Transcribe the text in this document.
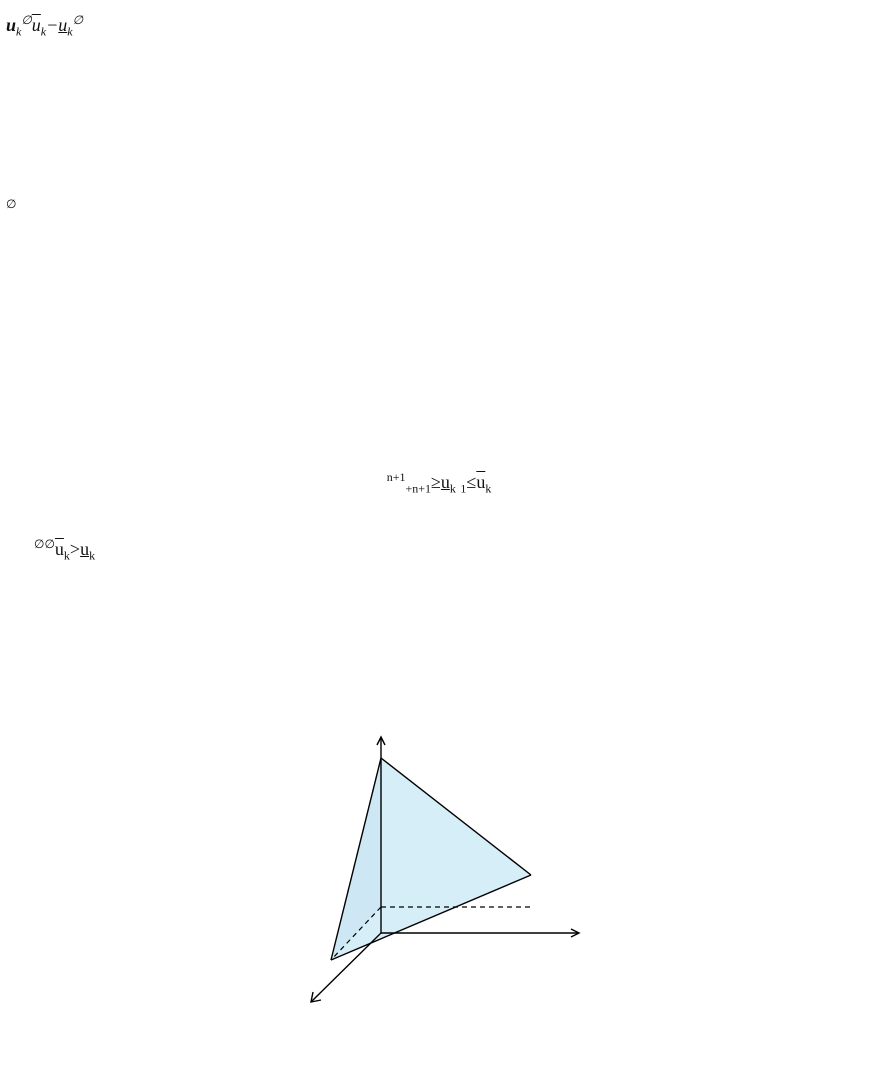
$u_k^\emptyset\overline{u}_k-u_k^\emptyset$

∅

$^{n+1}_{+n+1}\ge u_k$ $_1\le\overline{u}_k$

$^{\emptyset\emptyset}\overline{u}_k>u_k$
